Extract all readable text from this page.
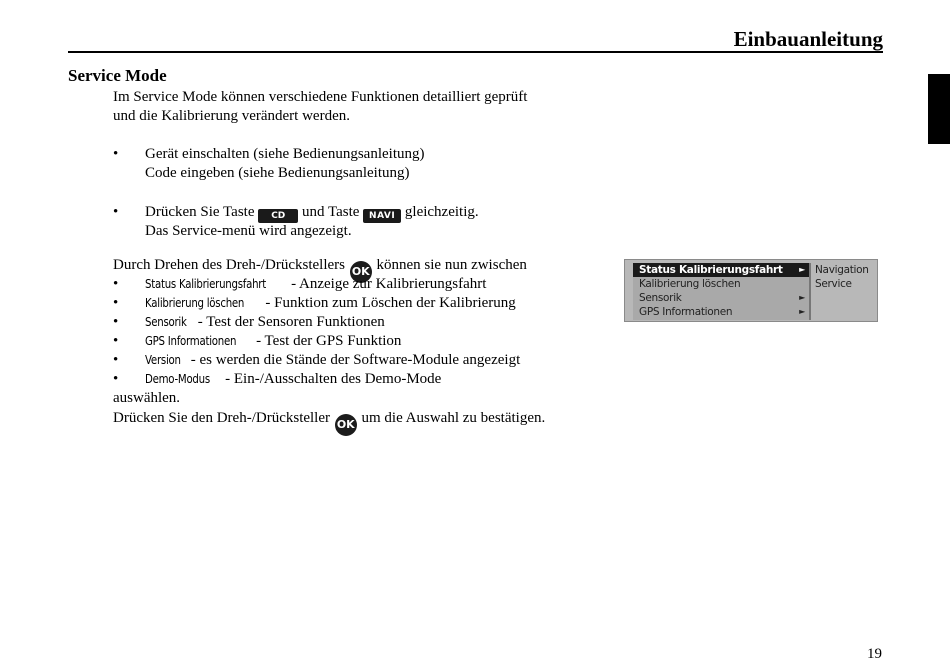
Einbauanleitung
Service Mode
Im Service Mode können verschiedene Funktionen detailliert geprüft
und die Kalibrierung verändert werden.
• Gerät einschalten (siehe Bedienungsanleitung)
Code eingeben (siehe Bedienungsanleitung)
• Drücken Sie Taste CD und Taste NAVI gleichzeitig.
Das Service-menü wird angezeigt.
Durch Drehen des Dreh-/Drückstellers OK können sie nun zwischen
• Status Kalibrierungsfahrt - Anzeige zur Kalibrierungsfahrt
• Kalibrierung löschen - Funktion zum Löschen der Kalibrierung
• Sensorik - Test der Sensoren Funktionen
• GPS Informationen - Test der GPS Funktion
• Version - es werden die Stände der Software-Module angezeigt
• Demo-Modus - Ein-/Ausschalten des Demo-Mode
auswählen.
Drücken Sie den Dreh-/Drücksteller OK um die Auswahl zu bestätigen.
Status Kalibrierungsfahrt ►
Kalibrierung löschen
Sensorik	►
GPS Informationen	►
Navigation
Service
19
